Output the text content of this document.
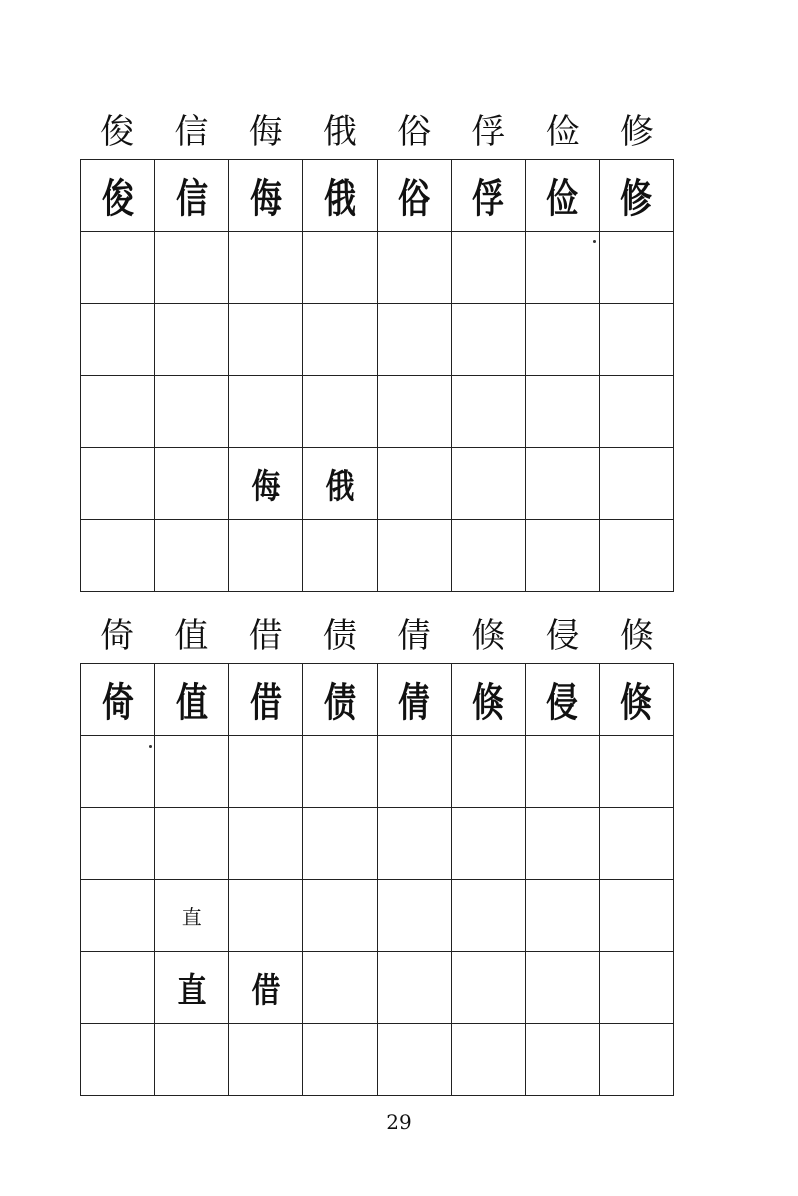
俊	信	侮	俄	俗	俘	俭	修
俊	信	侮	俄	俗	俘	俭	修

		侮	俄				

倚	值	借	债	倩	倏	侵	倏
倚	值	借	债	倩	倏	侵	倏

	直						
	直	借					

29
